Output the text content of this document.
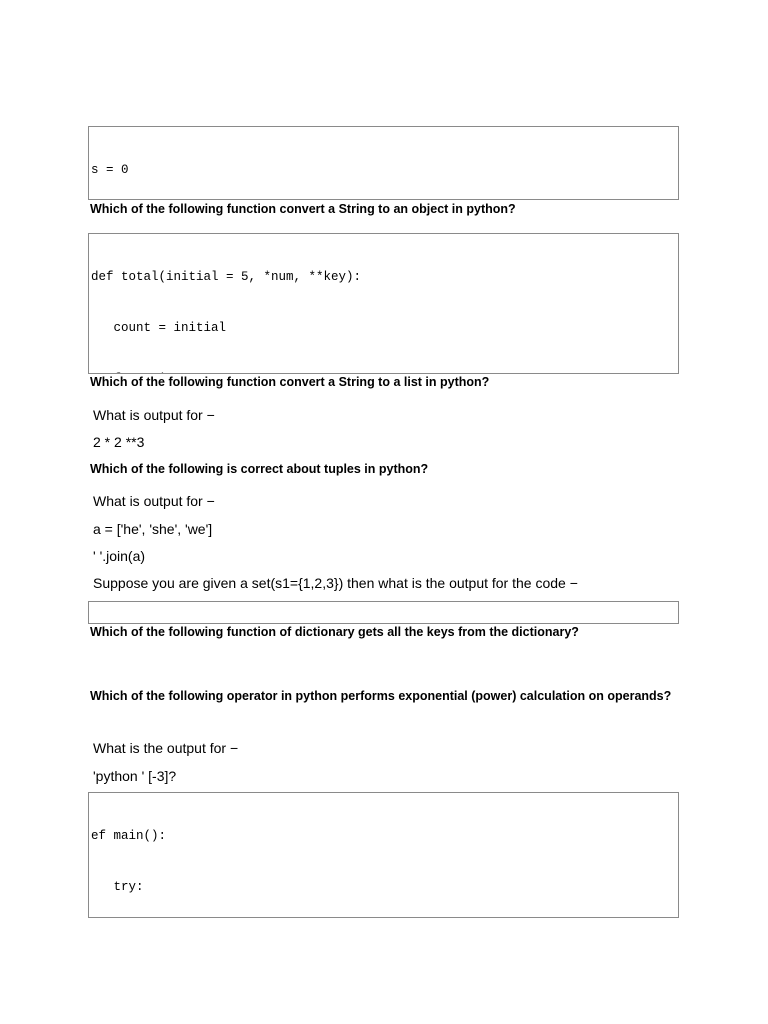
s = 0

Which of the following function convert a String to an object in python?

def total(initial = 5, *num, **key):

count = initial

Which of the following function convert a String to a list in python?
What is output for −
2 * 2 **3
Which of the following is correct about tuples in python?
What is output for −
a = ['he', 'she', 'we']
' '.join(a)
Suppose you are given a set(s1={1,2,3}) then what is the output for the code −

Which of the following function of dictionary gets all the keys from the dictionary?
Which of the following operator in python performs exponential (power) calculation on operands?
What is the output for −
'python ' [-3]?

ef main():

try:
